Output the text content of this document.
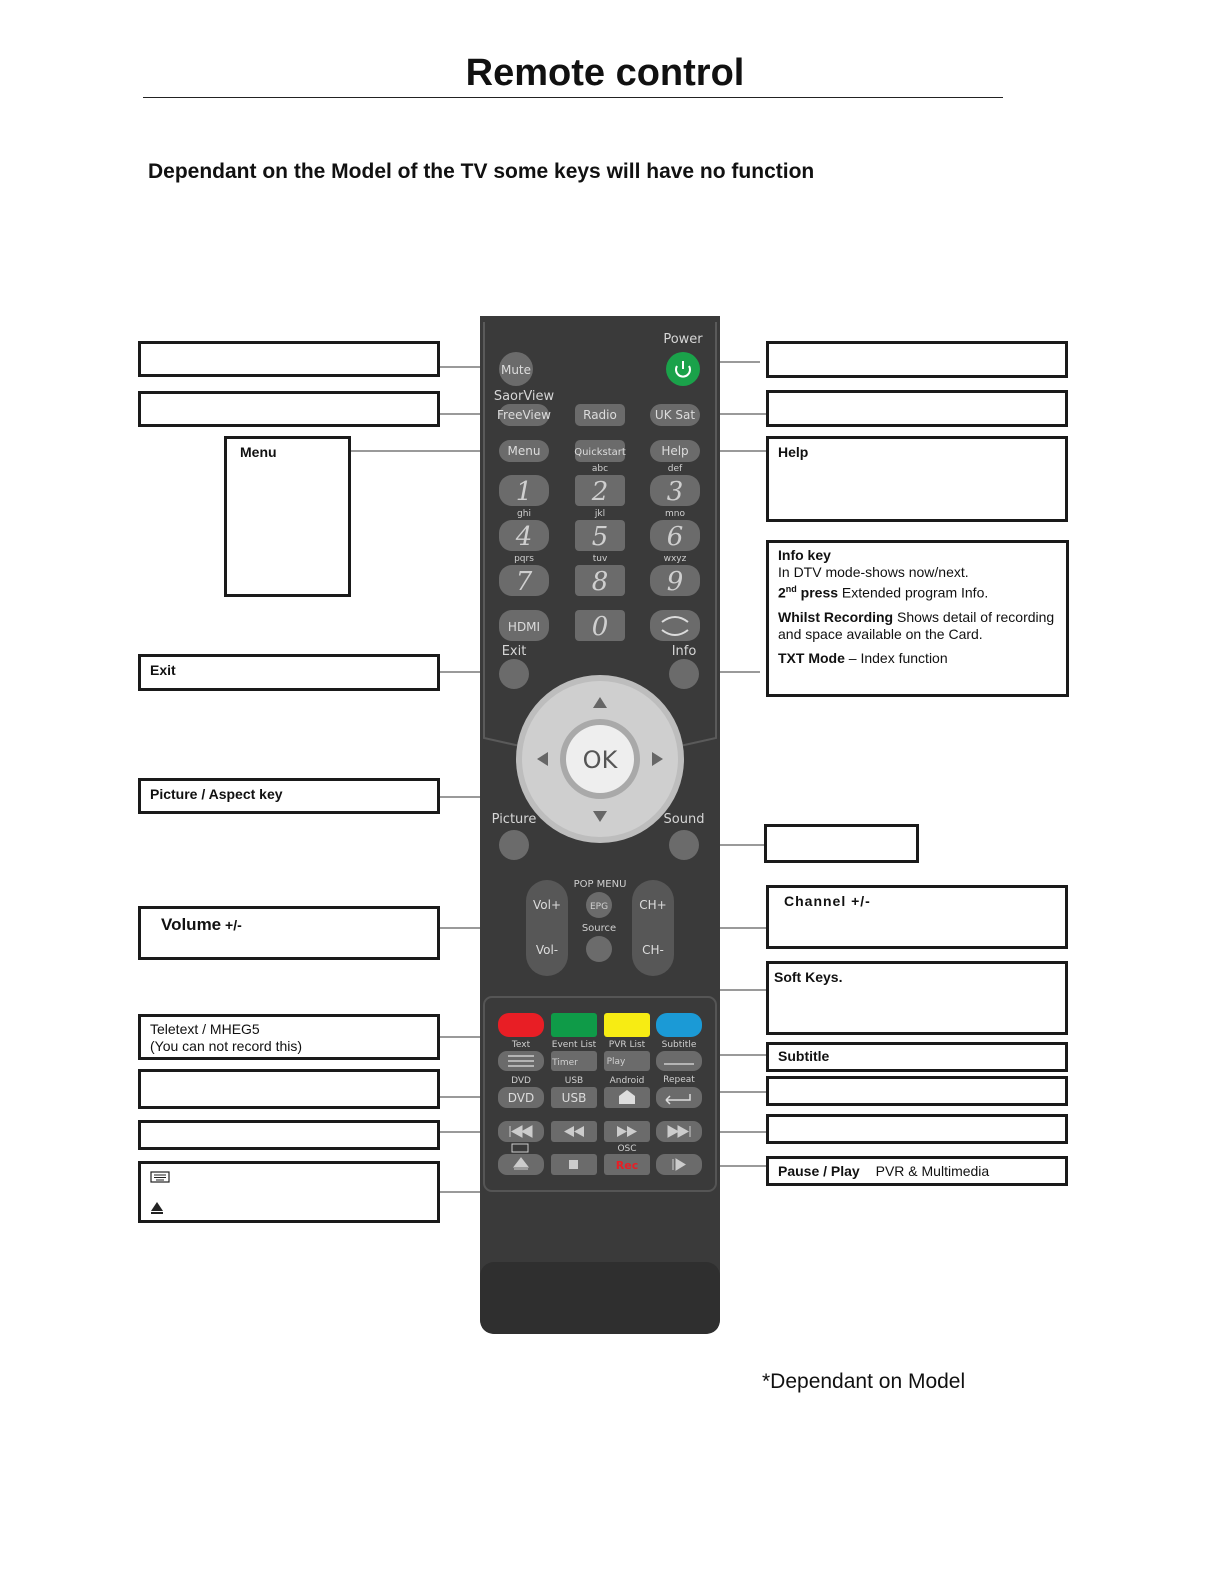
Remote control
Dependant on the Model of the TV some keys will have no function
Power
Mute
SaorView
FreeView	Radio	UK Sat
Menu	Quickstart	Help
abc	def
1 2 3
ghi	jkl	mno
4 5 6
pqrs	tuv	wxyz
7 8 9
HDMI 0
Exit	Info
OK
Picture	Sound
Vol+
Vol-
CH+
CH-
POP MENU
EPG
Source
Text Event List PVR List Subtitle
Timer	Play
DVD	USB	Android Repeat
DVD USB
OSC
Rec
Menu
Exit
Picture / Aspect key
Volume +/-

Teletext / MHEG5

(You can not record this)

Help

Info key

In DTV mode-shows now/next.

2nd press Extended program Info.

Whilst Recording Shows detail of recording and space available on the Card.

TXT Mode – Index function

Channel +/-
Soft Keys.
Subtitle
Pause / Play PVR & Multimedia
*Dependant on Model
